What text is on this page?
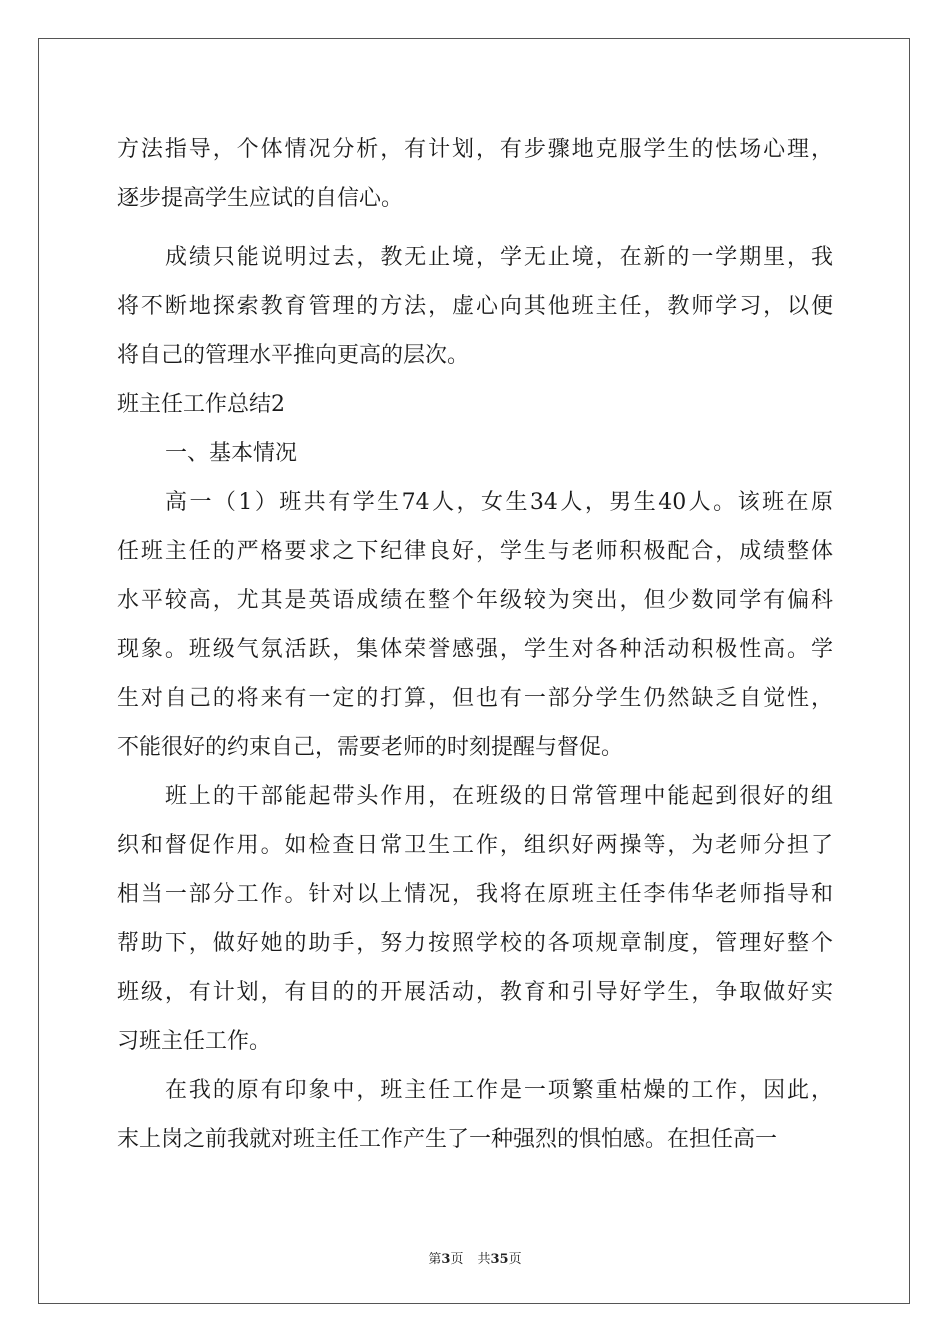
方法指导，个体情况分析，有计划，有步骤地克服学生的怯场心理，
逐步提高学生应试的自信心。
成绩只能说明过去，教无止境，学无止境，在新的一学期里，我
将不断地探索教育管理的方法，虚心向其他班主任，教师学习，以便
将自己的管理水平推向更高的层次。
班主任工作总结2
一、基本情况
高一（1）班共有学生74人，女生34人，男生40人。该班在原
任班主任的严格要求之下纪律良好，学生与老师积极配合，成绩整体
水平较高，尤其是英语成绩在整个年级较为突出，但少数同学有偏科
现象。班级气氛活跃，集体荣誉感强，学生对各种活动积极性高。学
生对自己的将来有一定的打算，但也有一部分学生仍然缺乏自觉性，
不能很好的约束自己，需要老师的时刻提醒与督促。
班上的干部能起带头作用，在班级的日常管理中能起到很好的组
织和督促作用。如检查日常卫生工作，组织好两操等，为老师分担了
相当一部分工作。针对以上情况，我将在原班主任李伟华老师指导和
帮助下，做好她的助手，努力按照学校的各项规章制度，管理好整个
班级，有计划，有目的的开展活动，教育和引导好学生，争取做好实
习班主任工作。
在我的原有印象中，班主任工作是一项繁重枯燥的工作，因此，
末上岗之前我就对班主任工作产生了一种强烈的惧怕感。在担任高一
第3页 共35页
